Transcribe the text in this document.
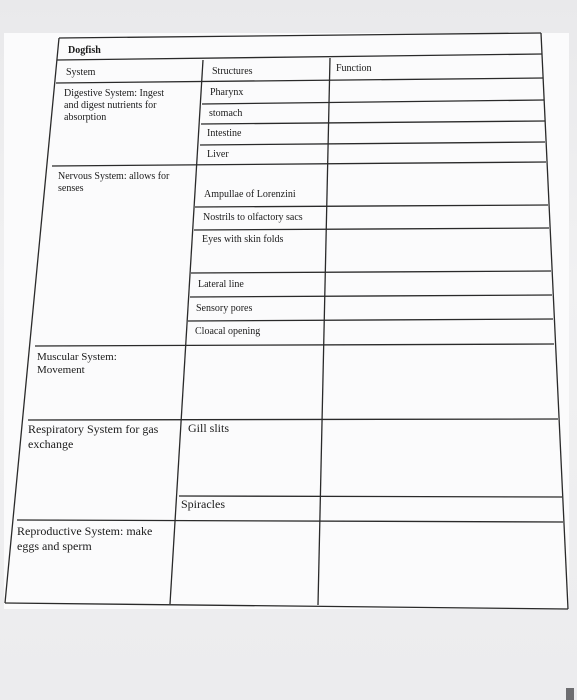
Dogfish
System	Structures	Function
Digestive System: Ingest
and digest nutrients for
absorption
Pharynx
stomach
Intestine
Liver
Nervous System: allows for
senses
Ampullae of Lorenzini
Nostrils to olfactory sacs
Eyes with skin folds
Lateral line
Sensory pores
Cloacal opening
Muscular System:
Movement
Respiratory System for gas
exchange
Gill slits
Spiracles
Reproductive System: make
eggs and sperm
